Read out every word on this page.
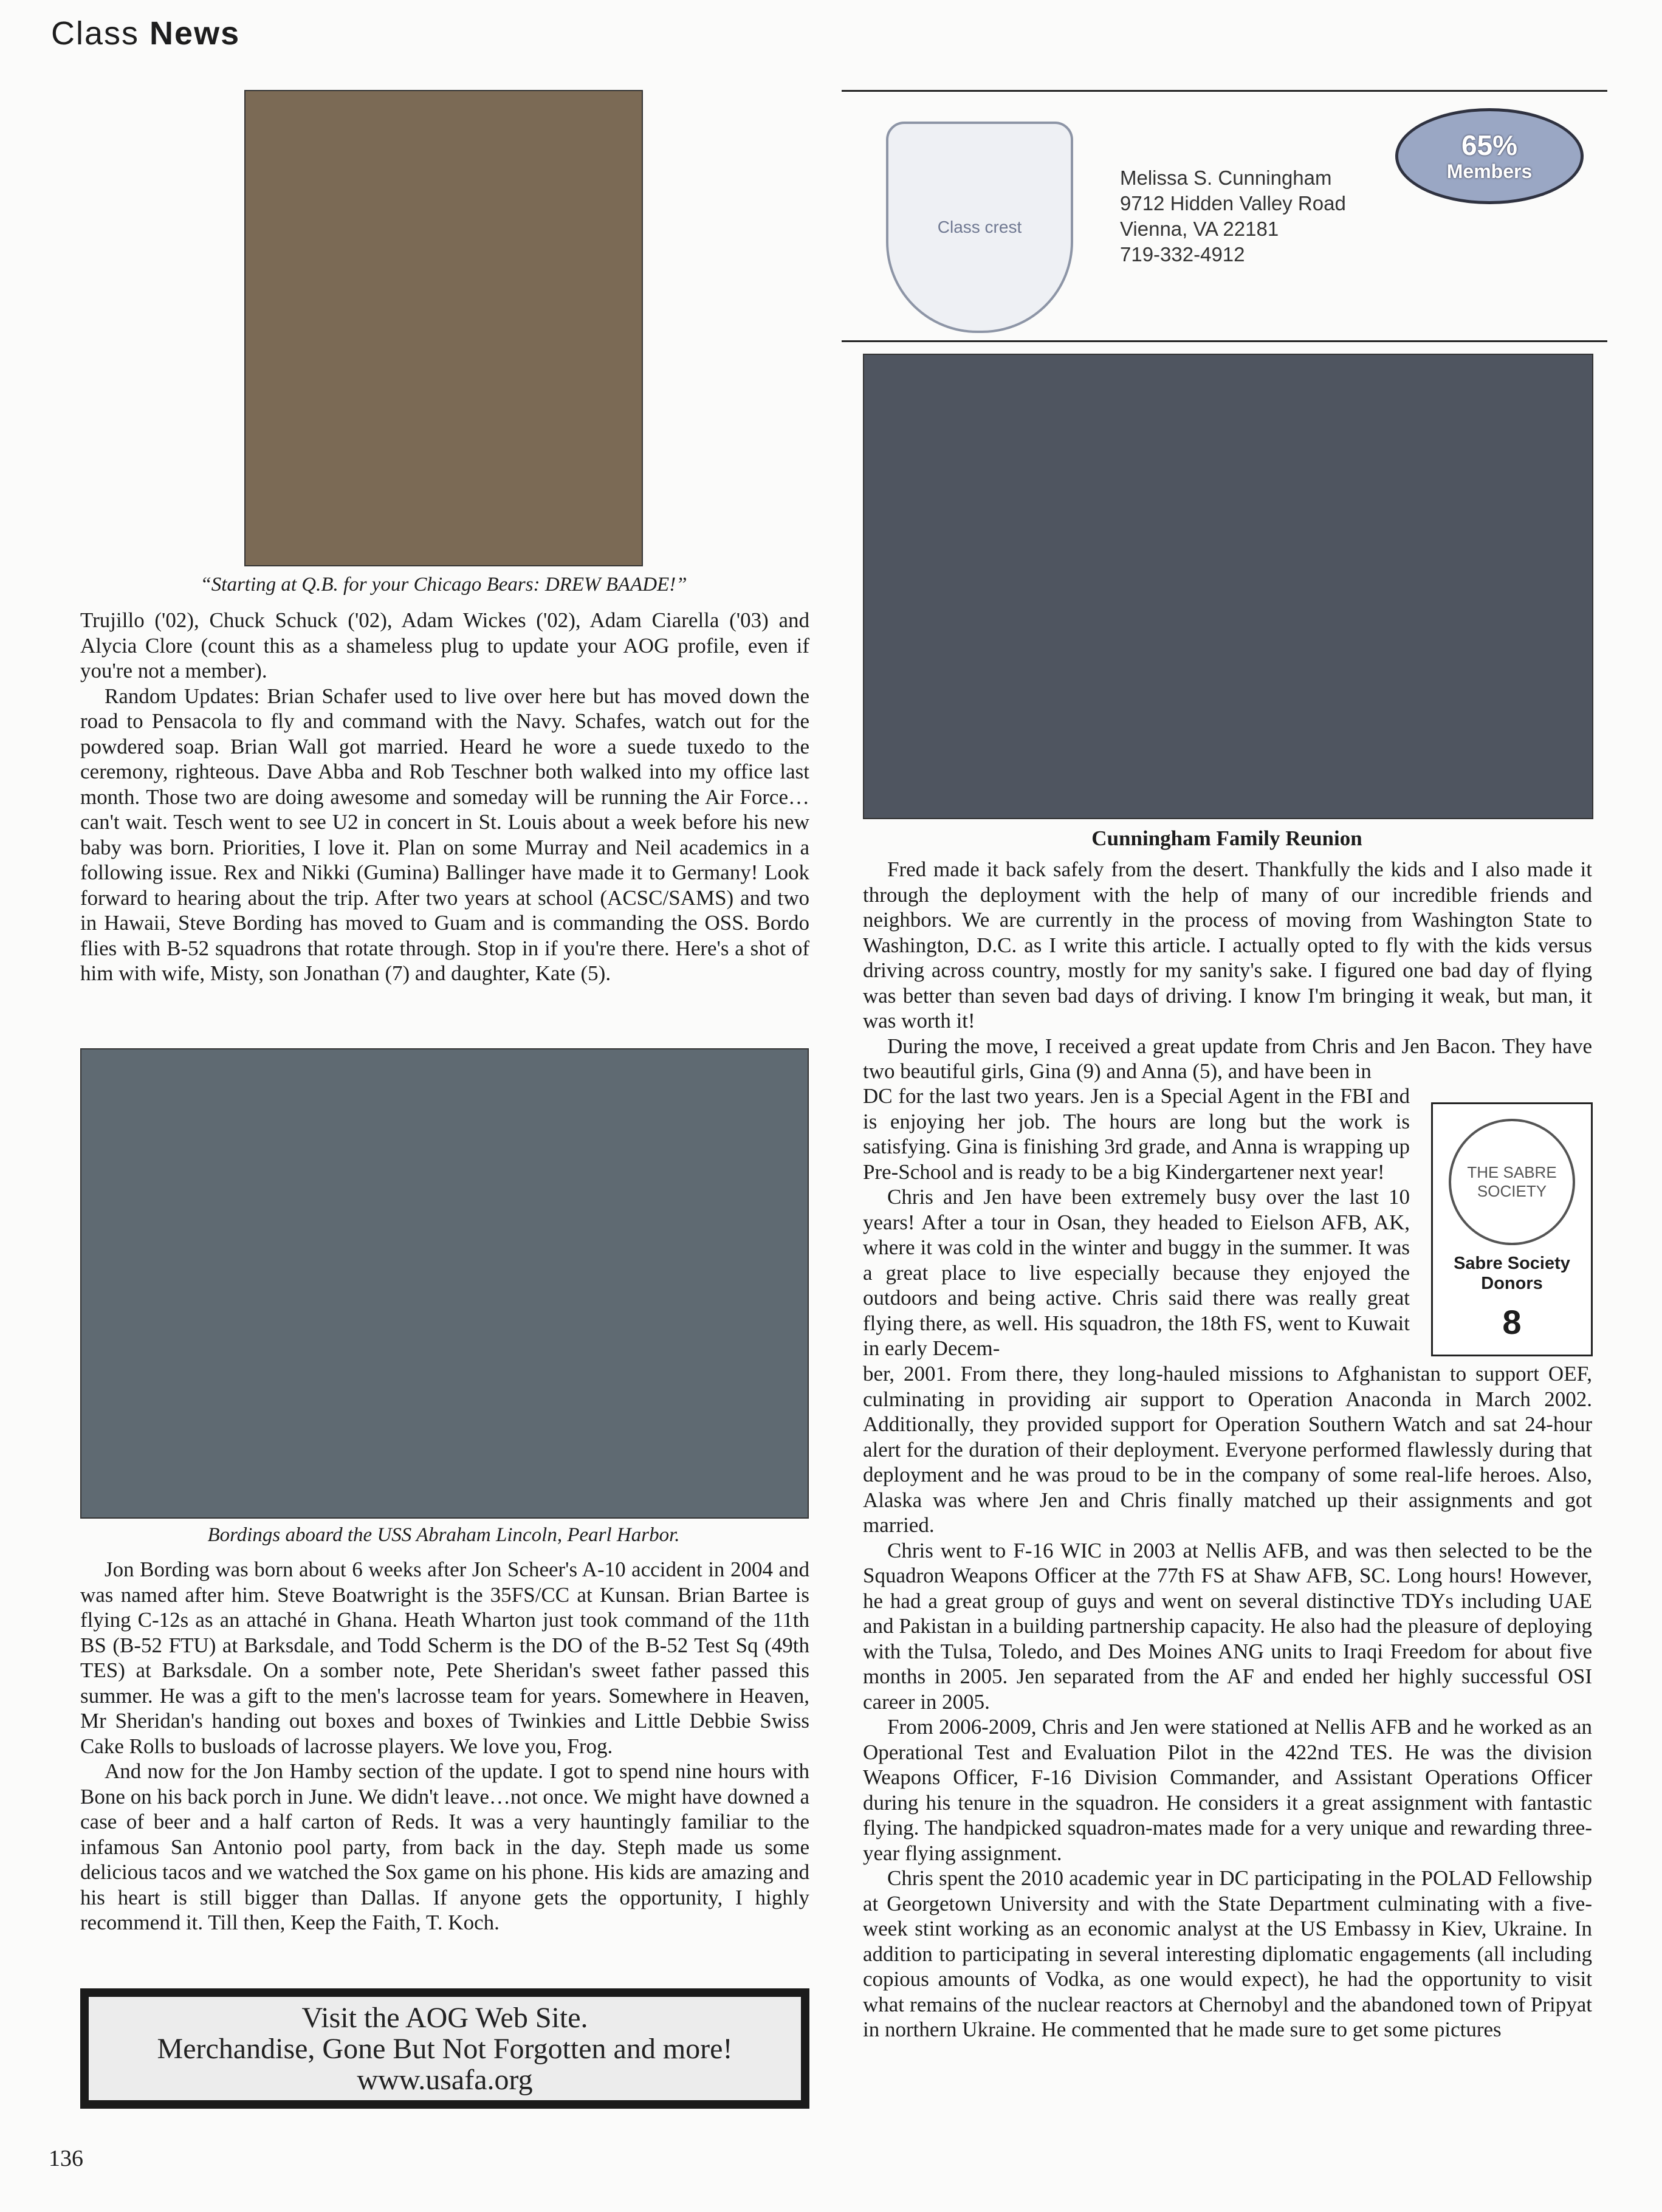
Class News
“Starting at Q.B. for your Chicago Bears: DREW BAADE!”

Trujillo ('02), Chuck Schuck ('02), Adam Wickes ('02), Adam Ciarella ('03) and Alycia Clore (count this as a shameless plug to update your AOG profile, even if you're not a member).

Random Updates: Brian Schafer used to live over here but has moved down the road to Pensacola to fly and command with the Navy. Schafes, watch out for the powdered soap. Brian Wall got married. Heard he wore a suede tuxedo to the ceremony, righteous. Dave Abba and Rob Teschner both walked into my office last month. Those two are doing awesome and someday will be running the Air Force…can't wait. Tesch went to see U2 in concert in St. Louis about a week before his new baby was born. Priorities, I love it. Plan on some Murray and Neil academics in a following issue. Rex and Nikki (Gumina) Ballinger have made it to Germany! Look forward to hearing about the trip. After two years at school (ACSC/SAMS) and two in Hawaii, Steve Bording has moved to Guam and is commanding the OSS. Bordo flies with B-52 squadrons that rotate through. Stop in if you're there. Here's a shot of him with wife, Misty, son Jonathan (7) and daughter, Kate (5).

Bordings aboard the USS Abraham Lincoln, Pearl Harbor.

Jon Bording was born about 6 weeks after Jon Scheer's A-10 accident in 2004 and was named after him. Steve Boatwright is the 35FS/CC at Kunsan. Brian Bartee is flying C-12s as an attaché in Ghana. Heath Wharton just took command of the 11th BS (B-52 FTU) at Barksdale, and Todd Scherm is the DO of the B-52 Test Sq (49th TES) at Barksdale. On a somber note, Pete Sheridan's sweet father passed this summer. He was a gift to the men's lacrosse team for years. Somewhere in Heaven, Mr Sheridan's handing out boxes and boxes of Twinkies and Little Debbie Swiss Cake Rolls to busloads of lacrosse players. We love you, Frog.

And now for the Jon Hamby section of the update. I got to spend nine hours with Bone on his back porch in June. We didn't leave…not once. We might have downed a case of beer and a half carton of Reds. It was a very hauntingly familiar to the infamous San Antonio pool party, from back in the day. Steph made us some delicious tacos and we watched the Sox game on his phone. His kids are amazing and his heart is still bigger than Dallas. If anyone gets the opportunity, I highly recommend it. Till then, Keep the Faith, T. Koch.

Visit the AOG Web Site.
Merchandise, Gone But Not Forgotten and more!
www.usafa.org
136
Class crest
Melissa S. Cunningham
9712 Hidden Valley Road
Vienna, VA 22181
719-332-4912
65%
Members
Cunningham Family Reunion

Fred made it back safely from the desert. Thankfully the kids and I also made it through the deployment with the help of many of our incredible friends and neighbors. We are currently in the process of moving from Washington State to Washington, D.C. as I write this article. I actually opted to fly with the kids versus driving across country, mostly for my sanity's sake. I figured one bad day of flying was better than seven bad days of driving. I know I'm bringing it weak, but man, it was worth it!

During the move, I received a great update from Chris and Jen Bacon. They have two beautiful girls, Gina (9) and Anna (5), and have been in

DC for the last two years. Jen is a Special Agent in the FBI and is enjoying her job. The hours are long but the work is satisfying. Gina is finishing 3rd grade, and Anna is wrapping up Pre-School and is ready to be a big Kindergartener next year!

Chris and Jen have been extremely busy over the last 10 years! After a tour in Osan, they headed to Eielson AFB, AK, where it was cold in the winter and buggy in the summer. It was a great place to live especially because they enjoyed the outdoors and being active. Chris said there was really great flying there, as well. His squadron, the 18th FS, went to Kuwait in early Decem-

THE SABRE SOCIETY
Sabre Society
Donors
8

ber, 2001. From there, they long-hauled missions to Afghanistan to support OEF, culminating in providing air support to Operation Anaconda in March 2002. Additionally, they provided support for Operation Southern Watch and sat 24-hour alert for the duration of their deployment. Everyone performed flawlessly during that deployment and he was proud to be in the company of some real-life heroes. Also, Alaska was where Jen and Chris finally matched up their assignments and got married.

Chris went to F-16 WIC in 2003 at Nellis AFB, and was then selected to be the Squadron Weapons Officer at the 77th FS at Shaw AFB, SC. Long hours! However, he had a great group of guys and went on several distinctive TDYs including UAE and Pakistan in a building partnership capacity. He also had the pleasure of deploying with the Tulsa, Toledo, and Des Moines ANG units to Iraqi Freedom for about five months in 2005. Jen separated from the AF and ended her highly successful OSI career in 2005.

From 2006-2009, Chris and Jen were stationed at Nellis AFB and he worked as an Operational Test and Evaluation Pilot in the 422nd TES. He was the division Weapons Officer, F-16 Division Commander, and Assistant Operations Officer during his tenure in the squadron. He considers it a great assignment with fantastic flying. The handpicked squadron-mates made for a very unique and rewarding three-year flying assignment.

Chris spent the 2010 academic year in DC participating in the POLAD Fellowship at Georgetown University and with the State Department culminating with a five-week stint working as an economic analyst at the US Embassy in Kiev, Ukraine. In addition to participating in several interesting diplomatic engagements (all including copious amounts of Vodka, as one would expect), he had the opportunity to visit what remains of the nuclear reactors at Chernobyl and the abandoned town of Pripyat in northern Ukraine. He commented that he made sure to get some pictures
